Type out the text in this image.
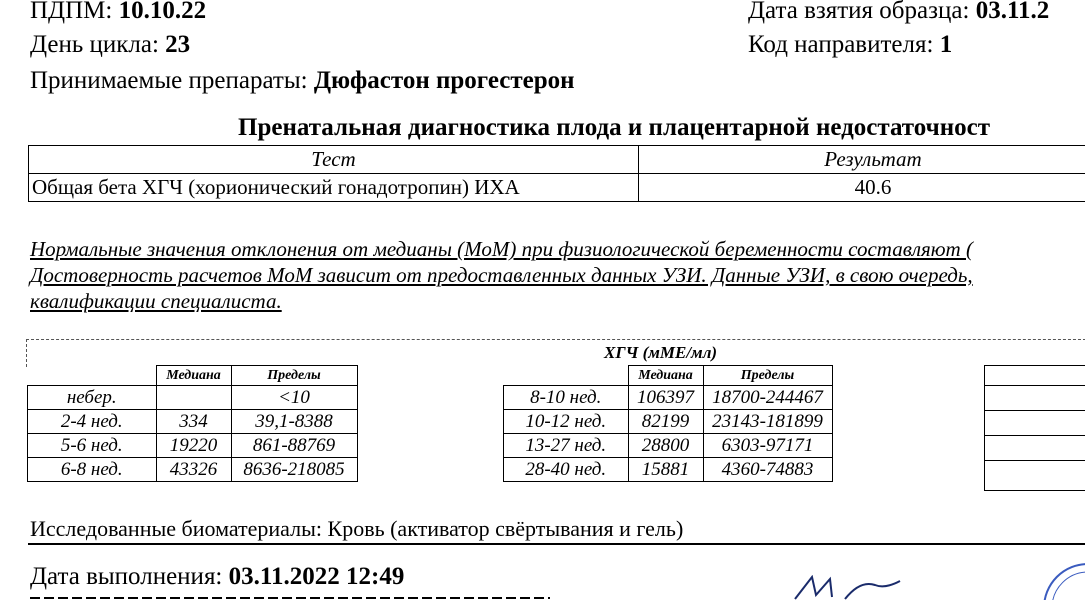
ПДПМ: 10.10.22
День цикла: 23
Принимаемые препараты: Дюфастон прогестерон
Дата взятия образца: 03.11.2
Код направителя: 1
Пренатальная диагностика плода и плацентарной недостаточност
Тест	Результат
Общая бета ХГЧ (хорионический гонадотропин) ИХА	40.6
Нормальные значения отклонения от медианы (МоМ) при физиологической беременности составляют (
Достоверность расчетов МоМ зависит от предоставленных данных УЗИ. Данные УЗИ, в свою очередь,
квалификации специалиста.
ХГЧ (мМЕ/мл)
	Медиана	Пределы
небер.		<10
2-4 нед.	334	39,1-8388
5-6 нед.	19220	861-88769
6-8 нед.	43326	8636-218085
	Медиана	Пределы
8-10 нед.	106397	18700-244467
10-12 нед.	82199	23143-181899
13-27 нед.	28800	6303-97171
28-40 нед.	15881	4360-74883
Исследованные биоматериалы: Кровь (активатор свёртывания и гель)
Дата выполнения: 03.11.2022 12:49
